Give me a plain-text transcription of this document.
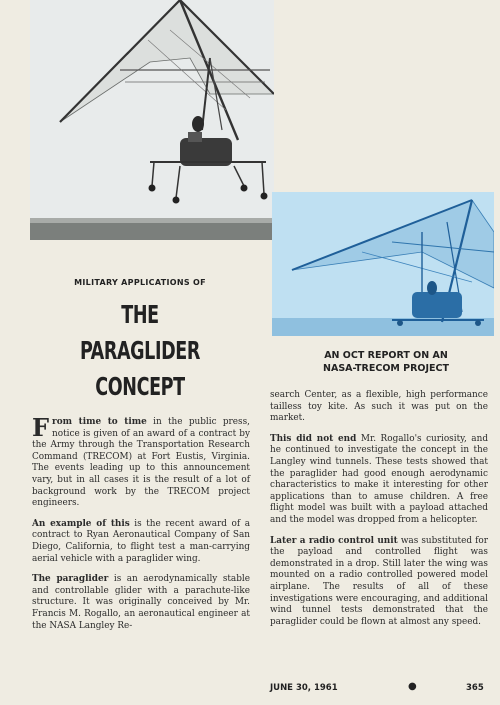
MILITARY APPLICATIONS OF
THE
PARAGLIDER
CONCEPT
AN OCT REPORT ON AN
NASA-TRECOM PROJECT

From time to time in the public press, notice is given of an award of a contract by the Army through the Transportation Research Command (TRECOM) at Fort Eustis, Virginia. The events leading up to this announcement vary, but in all cases it is the result of a lot of background work by the TRECOM project engineers.

An example of this is the recent award of a contract to Ryan Aeronautical Company of San Diego, California, to flight test a man-carrying aerial vehicle with a paraglider wing.

The paraglider is an aerodynamically stable and controllable glider with a parachute-like structure. It was originally conceived by Mr. Francis M. Rogallo, an aeronautical engineer at the NASA Langley Re-

search Center, as a flexible, high performance tailless toy kite. As such it was put on the market.

This did not end Mr. Rogallo's curiosity, and he continued to investigate the concept in the Langley wind tunnels. These tests showed that the paraglider had good enough aerodynamic characteristics to make it interesting for other applications than to amuse children. A free flight model was built with a payload attached and the model was dropped from a helicopter.

Later a radio control unit was substituted for the payload and controlled flight was demonstrated in a drop. Still later the wing was mounted on a radio controlled powered model airplane. The results of all of these investigations were encouraging, and additional wind tunnel tests demonstrated that the paraglider could be flown at almost any speed.

JUNE 30, 1961	●	365
